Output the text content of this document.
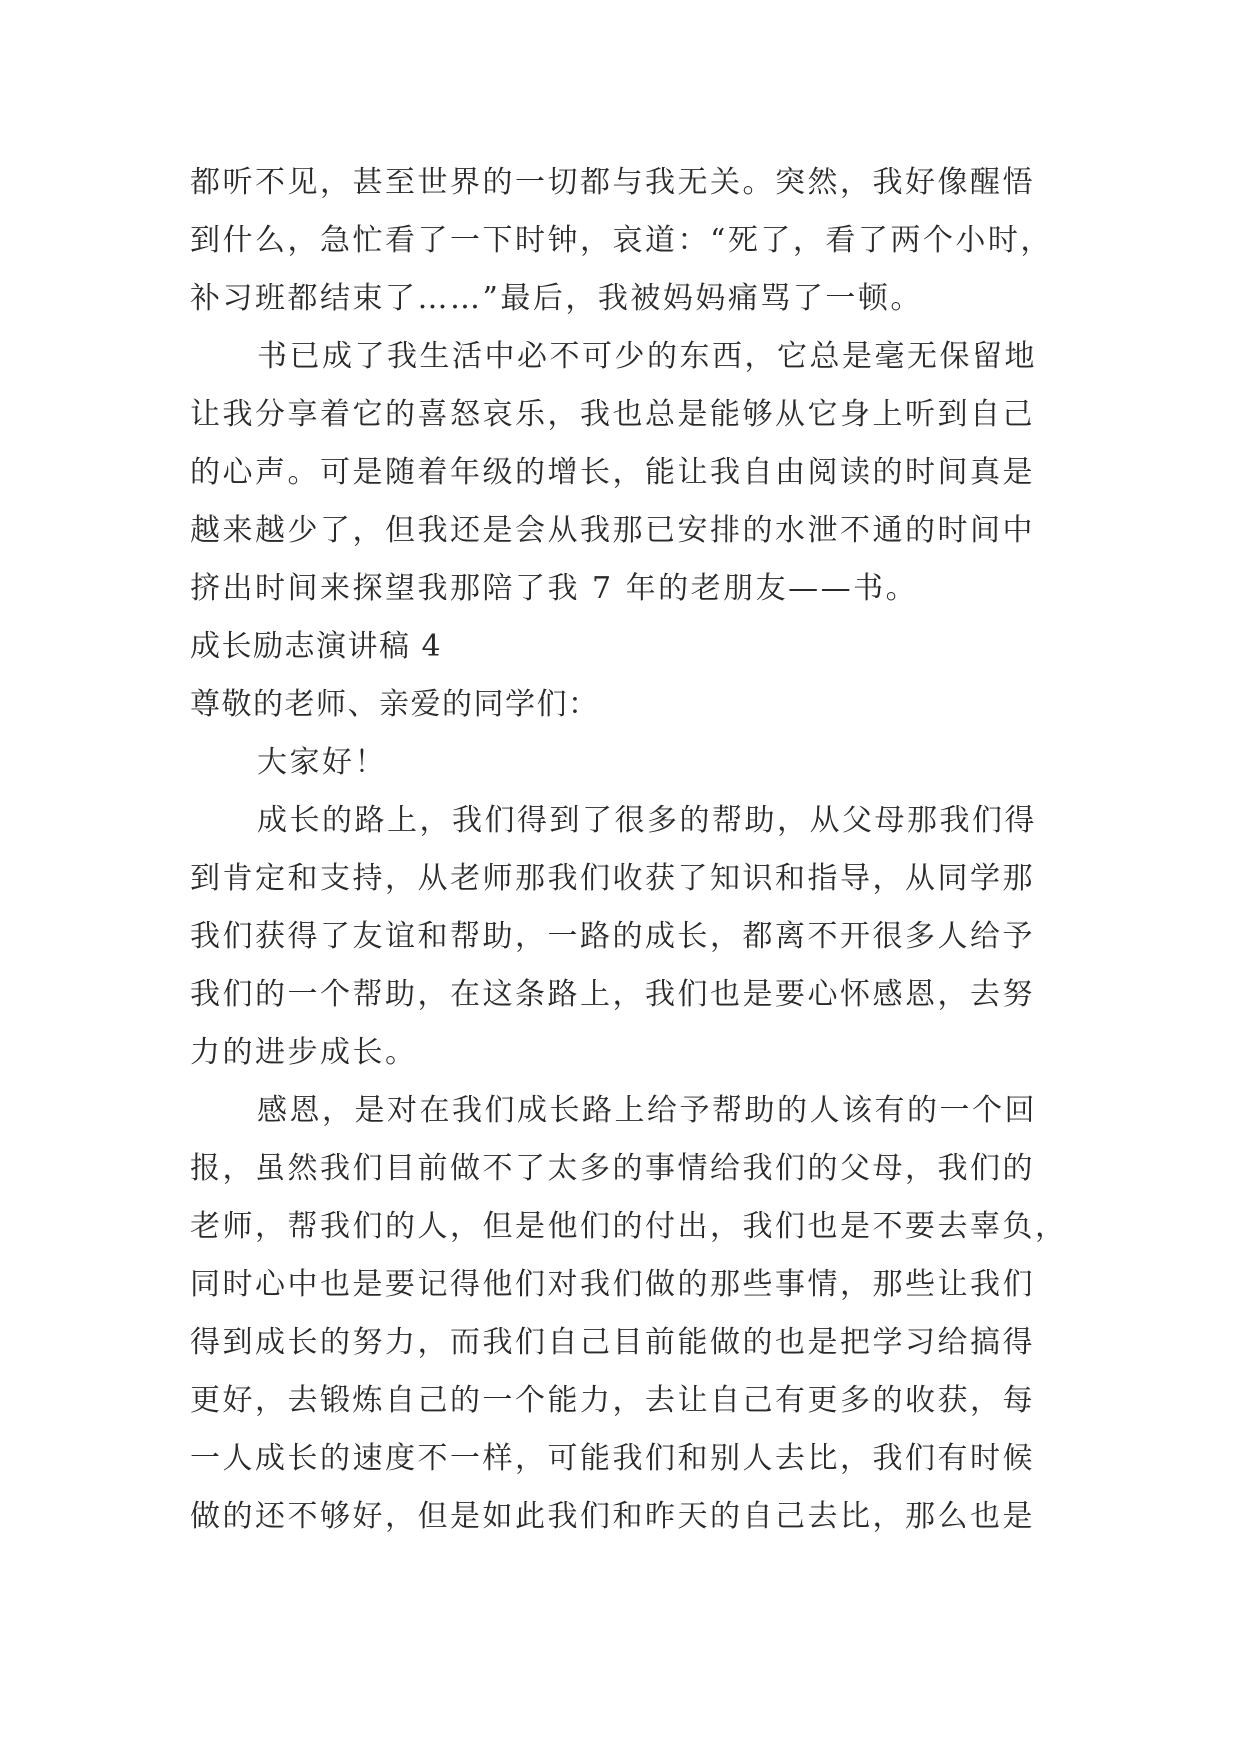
都听不见，甚至世界的一切都与我无关。突然，我好像醒悟
到什么，急忙看了一下时钟，哀道：“死了，看了两个小时，
补习班都结束了……”最后，我被妈妈痛骂了一顿。
书已成了我生活中必不可少的东西，它总是毫无保留地
让我分享着它的喜怒哀乐，我也总是能够从它身上听到自己
的心声。可是随着年级的增长，能让我自由阅读的时间真是
越来越少了，但我还是会从我那已安排的水泄不通的时间中
挤出时间来探望我那陪了我 7 年的老朋友——书。
成长励志演讲稿 4
尊敬的老师、亲爱的同学们：
大家好！
成长的路上，我们得到了很多的帮助，从父母那我们得
到肯定和支持，从老师那我们收获了知识和指导，从同学那
我们获得了友谊和帮助，一路的成长，都离不开很多人给予
我们的一个帮助，在这条路上，我们也是要心怀感恩，去努
力的进步成长。
感恩，是对在我们成长路上给予帮助的人该有的一个回
报，虽然我们目前做不了太多的事情给我们的父母，我们的
老师，帮我们的人，但是他们的付出，我们也是不要去辜负，
同时心中也是要记得他们对我们做的那些事情，那些让我们
得到成长的努力，而我们自己目前能做的也是把学习给搞得
更好，去锻炼自己的一个能力，去让自己有更多的收获，每
一人成长的速度不一样，可能我们和别人去比，我们有时候
做的还不够好，但是如此我们和昨天的自己去比，那么也是
